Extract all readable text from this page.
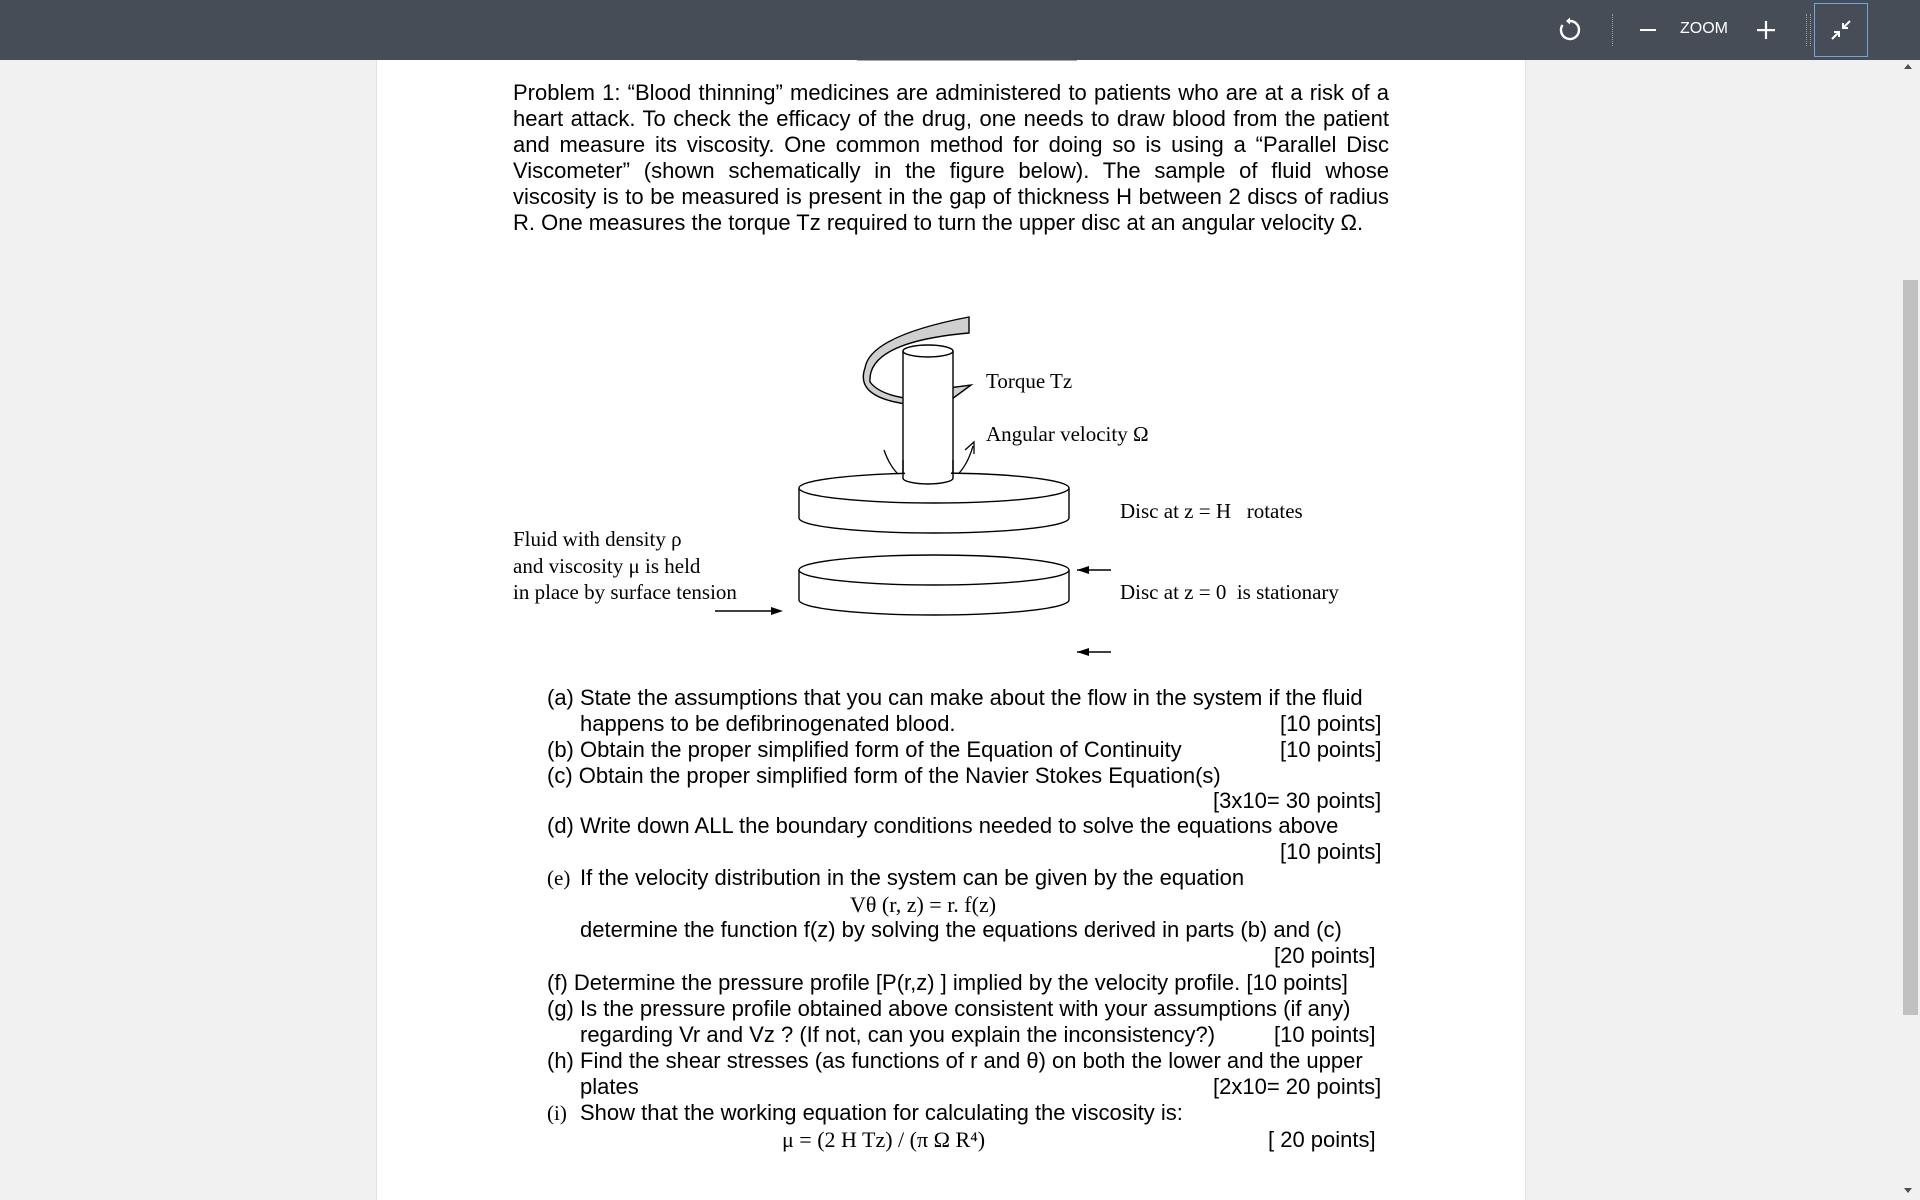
ZOOM

Problem 1: “Blood thinning” medicines are administered to patients who are at a risk of a heart attack. To check the efficacy of the drug, one needs to draw blood from the patient and measure its viscosity. One common method for doing so is using a “Parallel Disc Viscometer” (shown schematically in the figure below). The sample of fluid whose viscosity is to be measured is present in the gap of thickness H between 2 discs of radius R. One measures the torque Tz required to turn the upper disc at an angular velocity Ω.

Torque Tz
Angular velocity Ω
Disc at z = H   rotates
Disc at z = 0  is stationary
Fluid with density ρ
and viscosity μ is held
in place by surface tension
(a) State the assumptions that you can make about the flow in the system if the fluid
happens to be defibrinogenated blood.	[10 points]
(b) Obtain the proper simplified form of the Equation of Continuity	[10 points]
(c) Obtain the proper simplified form of the Navier Stokes Equation(s)
[3x10= 30 points]
(d) Write down ALL the boundary conditions needed to solve the equations above
[10 points]
(e) If the velocity distribution in the system can be given by the equation
Vθ (r, z) = r. f(z)
determine the function f(z) by solving the equations derived in parts (b) and (c)
[20 points]
(f) Determine the pressure profile [P(r,z) ] implied by the velocity profile. [10 points]
(g) Is the pressure profile obtained above consistent with your assumptions (if any)
regarding Vr and Vz ? (If not, can you explain the inconsistency?)	[10 points]
(h) Find the shear stresses (as functions of r and θ) on both the lower and the upper
plates	[2x10= 20 points]
(i) Show that the working equation for calculating the viscosity is:
μ = (2 H Tz) / (π Ω R⁴)	[ 20 points]
